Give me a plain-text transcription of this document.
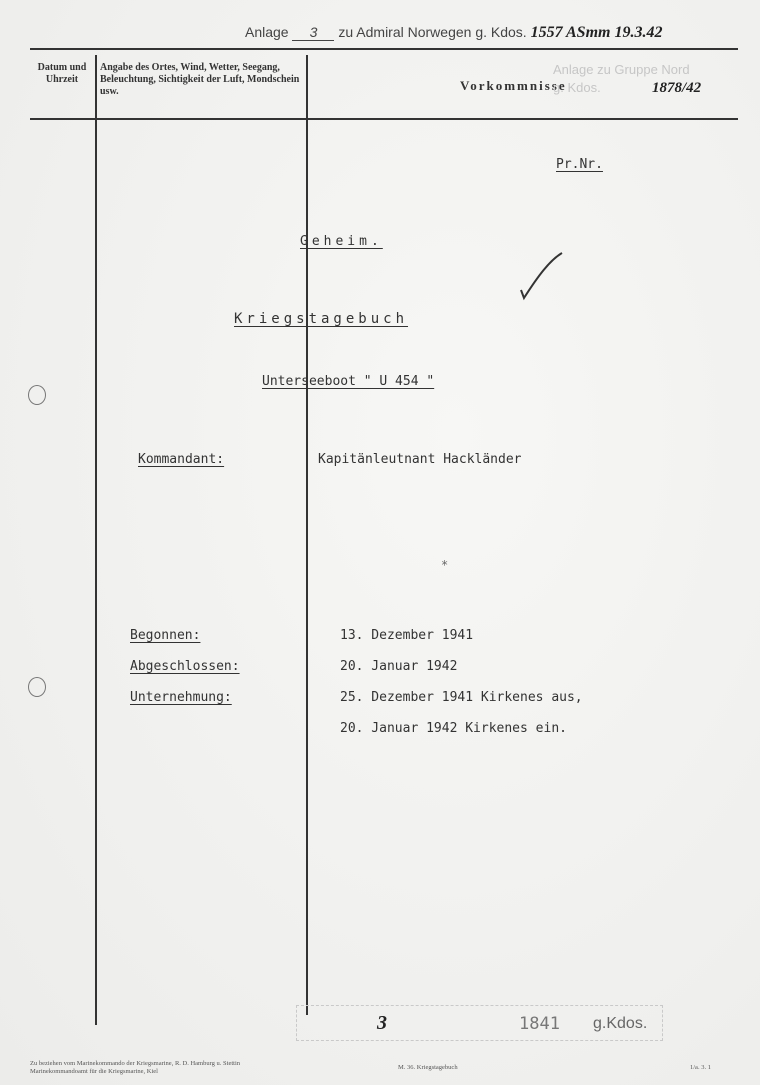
Anlage 3 zu Admiral Norwegen g. Kdos. 1557 ASmm 19.3.42
Datum und Uhrzeit
Angabe des Ortes, Wind, Wetter, Seegang, Beleuchtung, Sichtigkeit der Luft, Mondschein usw.	Vorkommnisse
Anlage zu Gruppe Nord
g. Kdos.	1878/42
Pr.Nr.
Geheim.
Kriegstagebuch
Unterseeboot " U 454 "
Kommandant:	Kapitänleutnant Hackländer
*
Begonnen:	13. Dezember 1941
Abgeschlossen:	20. Januar 1942
Unternehmung:	25. Dezember 1941 Kirkenes aus,
20. Januar 1942 Kirkenes ein.
3	1841 g.Kdos.
Zu beziehen vom Marinekommando der Kriegsmarine, R. D. Hamburg u. Stettin
Marinekommandoamt für die Kriegsmarine, Kiel
M. 36. Kriegstagebuch	1/a. 3. 1
